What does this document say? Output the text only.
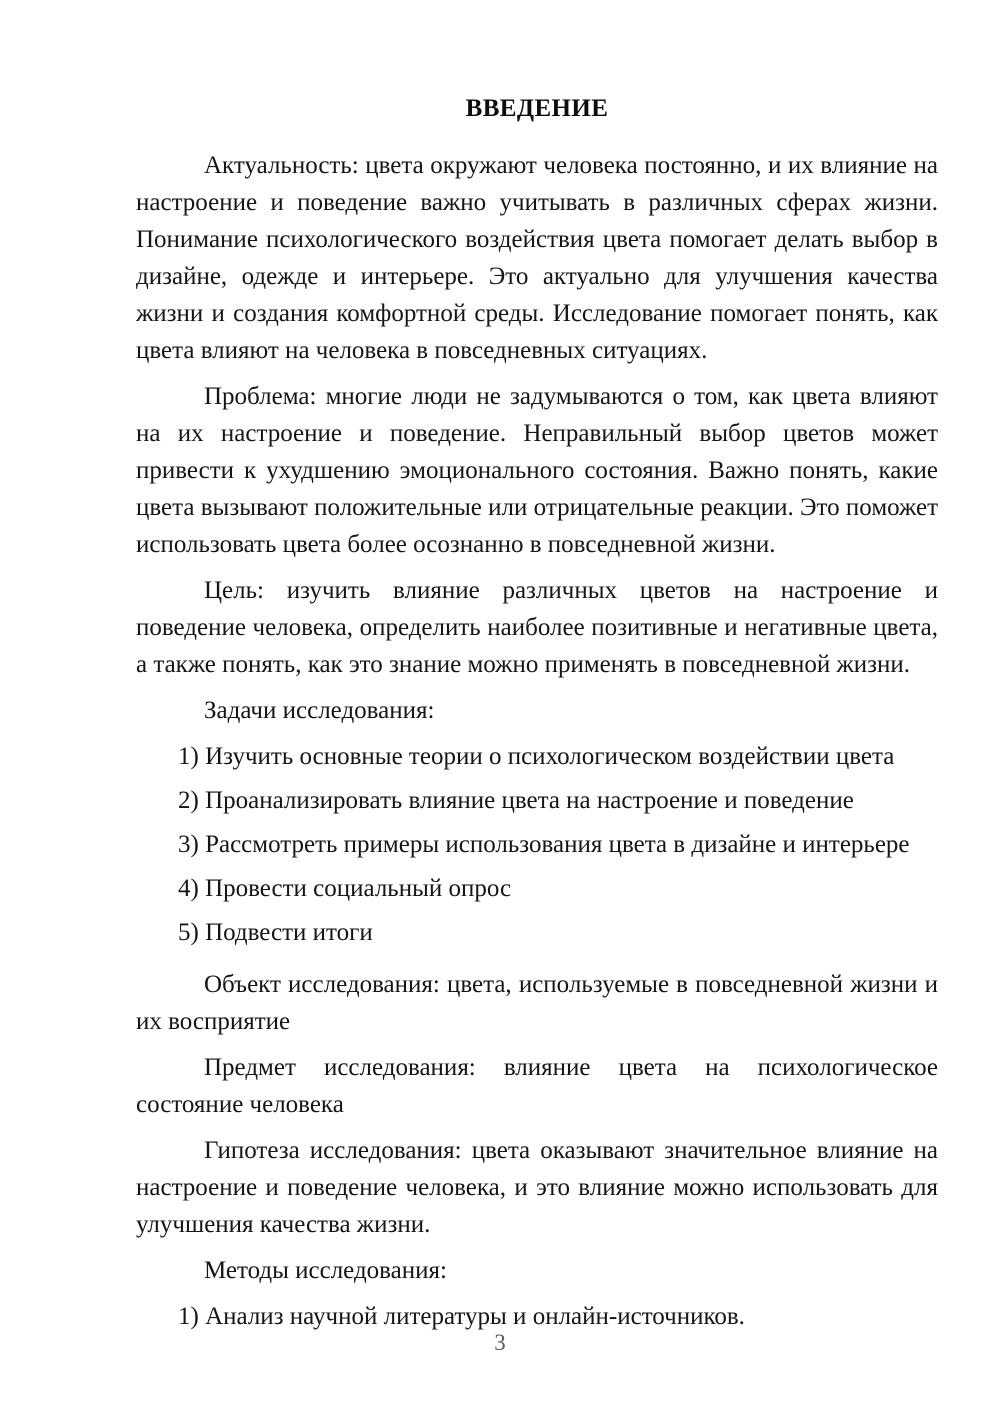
ВВЕДЕНИЕ

Актуальность: цвета окружают человека постоянно, и их влияние на настроение и поведение важно учитывать в различных сферах жизни. Понимание психологического воздействия цвета помогает делать выбор в дизайне, одежде и интерьере. Это актуально для улучшения качества жизни и создания комфортной среды. Исследование помогает понять, как цвета влияют на человека в повседневных ситуациях.

Проблема: многие люди не задумываются о том, как цвета влияют на их настроение и поведение. Неправильный выбор цветов может привести к ухудшению эмоционального состояния. Важно понять, какие цвета вызывают положительные или отрицательные реакции. Это поможет использовать цвета более осознанно в повседневной жизни.

Цель: изучить влияние различных цветов на настроение и поведение человека, определить наиболее позитивные и негативные цвета, а также понять, как это знание можно применять в повседневной жизни.

Задачи исследования:

1) Изучить основные теории о психологическом воздействии цвета
2) Проанализировать влияние цвета на настроение и поведение
3) Рассмотреть примеры использования цвета в дизайне и интерьере
4) Провести социальный опрос
5) Подвести итоги

Объект исследования: цвета, используемые в повседневной жизни и их восприятие

Предмет исследования: влияние цвета на психологическое состояние человека

Гипотеза исследования: цвета оказывают значительное влияние на настроение и поведение человека, и это влияние можно использовать для улучшения качества жизни.

Методы исследования:

1) Анализ научной литературы и онлайн-источников.
3
